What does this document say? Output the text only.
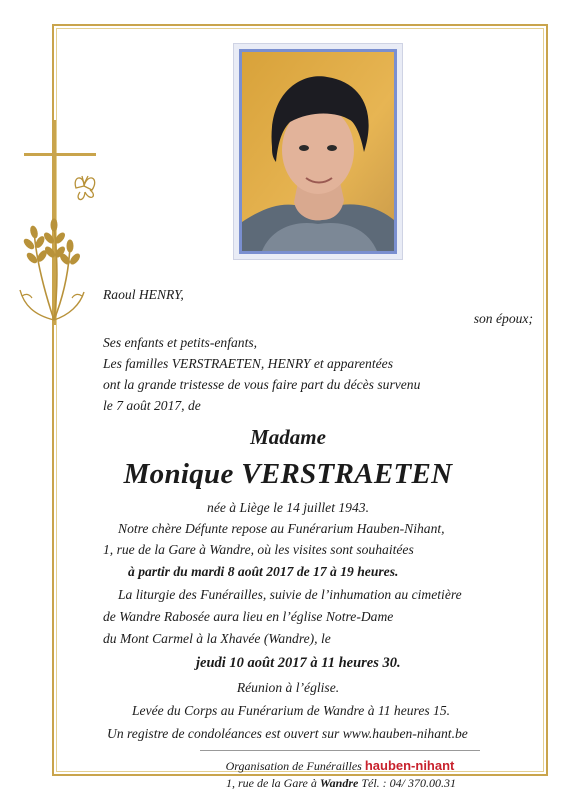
Raoul HENRY,
son époux;
Ses enfants et petits-enfants,
Les familles VERSTRAETEN, HENRY et apparentées
ont la grande tristesse de vous faire part du décès survenu
le 7 août 2017, de
Madame
Monique VERSTRAETEN
née à Liège le 14 juillet 1943.
Notre chère Défunte repose au Funérarium Hauben-Nihant,
1, rue de la Gare à Wandre, où les visites sont souhaitées
à partir du mardi 8 août 2017 de 17 à 19 heures.
La liturgie des Funérailles, suivie de l’inhumation au cimetière
de Wandre Rabosée aura lieu en l’église Notre-Dame
du Mont Carmel à la Xhavée (Wandre), le
jeudi 10 août 2017 à 11 heures 30.
Réunion à l’église.
Levée du Corps au Funérarium de Wandre à 11 heures 15.
Un registre de condoléances est ouvert sur www.hauben-nihant.be
Organisation de Funérailles hauben-nihant
1, rue de la Gare à Wandre Tél. : 04/ 370.00.31
